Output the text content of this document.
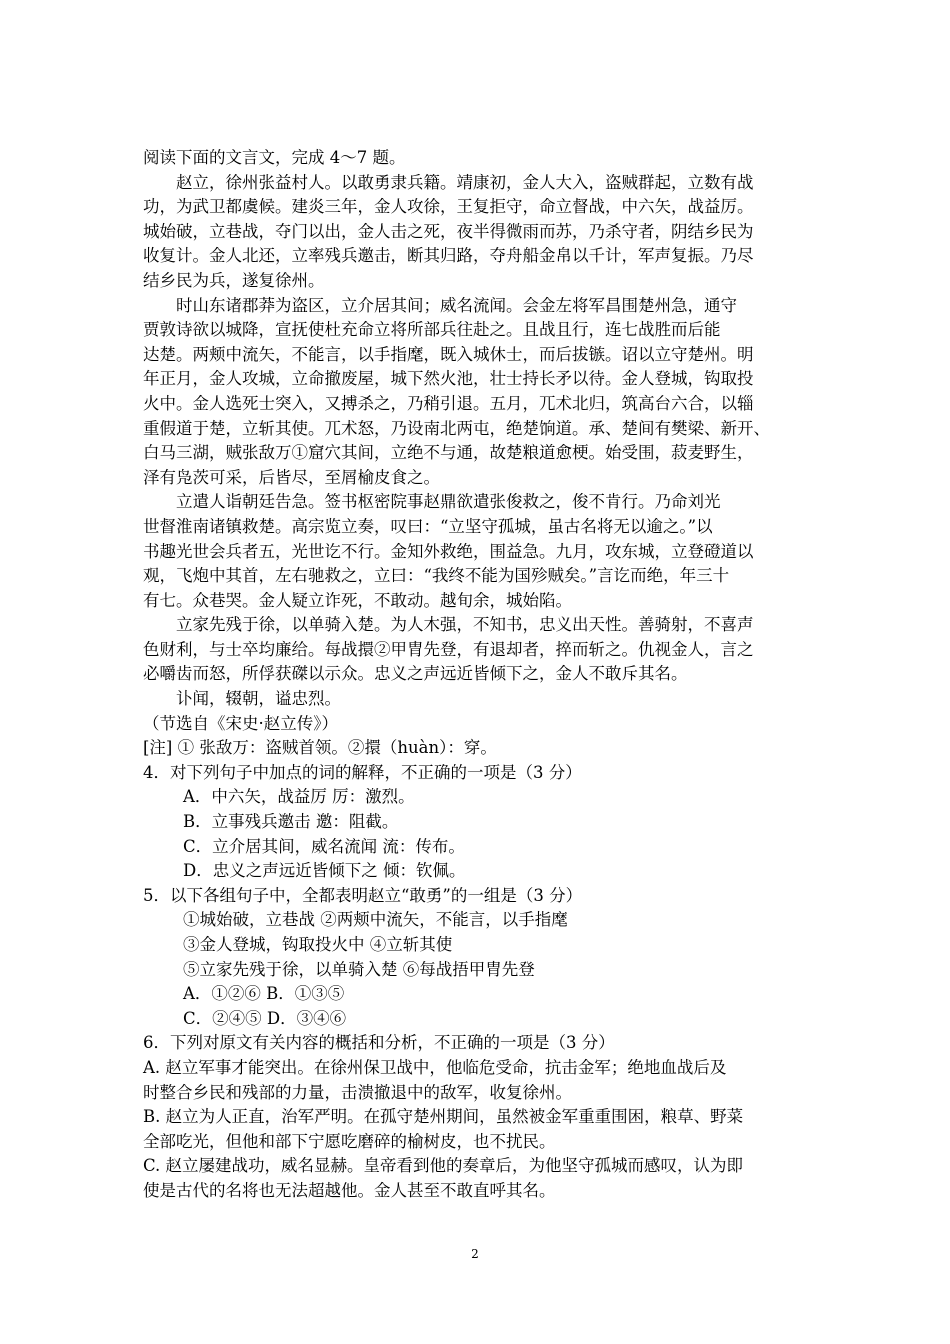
阅读下面的文言文，完成 4～7 题。
赵立，徐州张益村人。以敢勇隶兵籍。靖康初，金人大入，盗贼群起，立数有战
功，为武卫都虞候。建炎三年，金人攻徐，王复拒守，命立督战，中六矢，战益厉。
城始破，立巷战，夺门以出，金人击之死，夜半得微雨而苏，乃杀守者，阴结乡民为
收复计。金人北还，立率残兵邀击，断其归路，夺舟船金帛以千计，军声复振。乃尽
结乡民为兵，遂复徐州。
时山东诸郡莽为盗区，立介居其间；威名流闻。会金左将军昌围楚州急，通守
贾敦诗欲以城降，宣抚使杜充命立将所部兵往赴之。且战且行，连七战胜而后能
达楚。两颊中流矢，不能言，以手指麾，既入城休士，而后拔镞。诏以立守楚州。明
年正月，金人攻城，立命撤废屋，城下然火池，壮士持长矛以待。金人登城，钩取投
火中。金人选死士突入，又搏杀之，乃稍引退。五月，兀术北归，筑高台六合，以辎
重假道于楚，立斩其使。兀术怒，乃设南北两屯，绝楚饷道。承、楚间有樊梁、新开、
白马三湖，贼张敌万①窟穴其间，立绝不与通，故楚粮道愈梗。始受围，菽麦野生，
泽有凫茨可采，后皆尽，至屑榆皮食之。
立遣人诣朝廷告急。签书枢密院事赵鼎欲遣张俊救之，俊不肯行。乃命刘光
世督淮南诸镇救楚。高宗览立奏，叹曰：“立坚守孤城，虽古名将无以逾之。”以
书趣光世会兵者五，光世讫不行。金知外救绝，围益急。九月，攻东城，立登磴道以
观，飞炮中其首，左右驰救之，立曰：“我终不能为国殄贼矣。”言讫而绝，年三十
有七。众巷哭。金人疑立诈死，不敢动。越旬余，城始陷。
立家先残于徐，以单骑入楚。为人木强，不知书，忠义出天性。善骑射，不喜声
色财利，与士卒均廉给。每战擐②甲胄先登，有退却者，捽而斩之。仇视金人，言之
必嚼齿而怒，所俘获磔以示众。忠义之声远近皆倾下之，金人不敢斥其名。
讣闻，辍朝，谥忠烈。
（节选自《宋史·赵立传》）
[注] ① 张敌万：盗贼首领。②擐（huàn）：穿。
4．对下列句子中加点的词的解释，不正确的一项是（3 分）
A．中六矢，战益厉 厉：激烈。
B．立事残兵邀击 邀：阻截。
C．立介居其间，威名流闻 流：传布。
D．忠义之声远近皆倾下之 倾：钦佩。
5．以下各组句子中，全都表明赵立“敢勇”的一组是（3 分）
①城始破，立巷战 ②两颊中流矢，不能言，以手指麾
③金人登城，钩取投火中 ④立斩其使
⑤立家先残于徐，以单骑入楚 ⑥每战捂甲胄先登
A．①②⑥ B．①③⑤
C．②④⑤ D．③④⑥
6．下列对原文有关内容的概括和分析，不正确的一项是（3 分）
A. 赵立军事才能突出。在徐州保卫战中，他临危受命，抗击金军；绝地血战后及
时整合乡民和残部的力量，击溃撤退中的敌军，收复徐州。
B. 赵立为人正直，治军严明。在孤守楚州期间，虽然被金军重重围困，粮草、野菜
全部吃光，但他和部下宁愿吃磨碎的榆树皮，也不扰民。
C. 赵立屡建战功，威名显赫。皇帝看到他的奏章后，为他坚守孤城而感叹，认为即
使是古代的名将也无法超越他。金人甚至不敢直呼其名。
2
